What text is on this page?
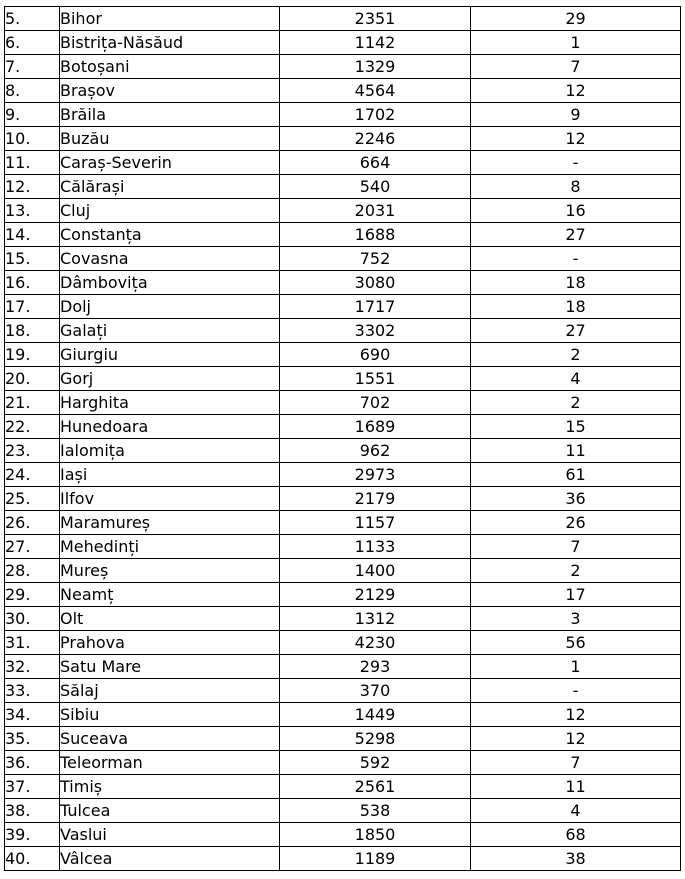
5.	Bihor	2351	29
6.	Bistrița-Năsăud	1142	1
7.	Botoșani	1329	7
8.	Brașov	4564	12
9.	Brăila	1702	9
10.	Buzău	2246	12
11.	Caraș-Severin	664	-
12.	Călărași	540	8
13.	Cluj	2031	16
14.	Constanța	1688	27
15.	Covasna	752	-
16.	Dâmbovița	3080	18
17.	Dolj	1717	18
18.	Galați	3302	27
19.	Giurgiu	690	2
20.	Gorj	1551	4
21.	Harghita	702	2
22.	Hunedoara	1689	15
23.	Ialomița	962	11
24.	Iași	2973	61
25.	Ilfov	2179	36
26.	Maramureș	1157	26
27.	Mehedinți	1133	7
28.	Mureș	1400	2
29.	Neamț	2129	17
30.	Olt	1312	3
31.	Prahova	4230	56
32.	Satu Mare	293	1
33.	Sălaj	370	-
34.	Sibiu	1449	12
35.	Suceava	5298	12
36.	Teleorman	592	7
37.	Timiș	2561	11
38.	Tulcea	538	4
39.	Vaslui	1850	68
40.	Vâlcea	1189	38
